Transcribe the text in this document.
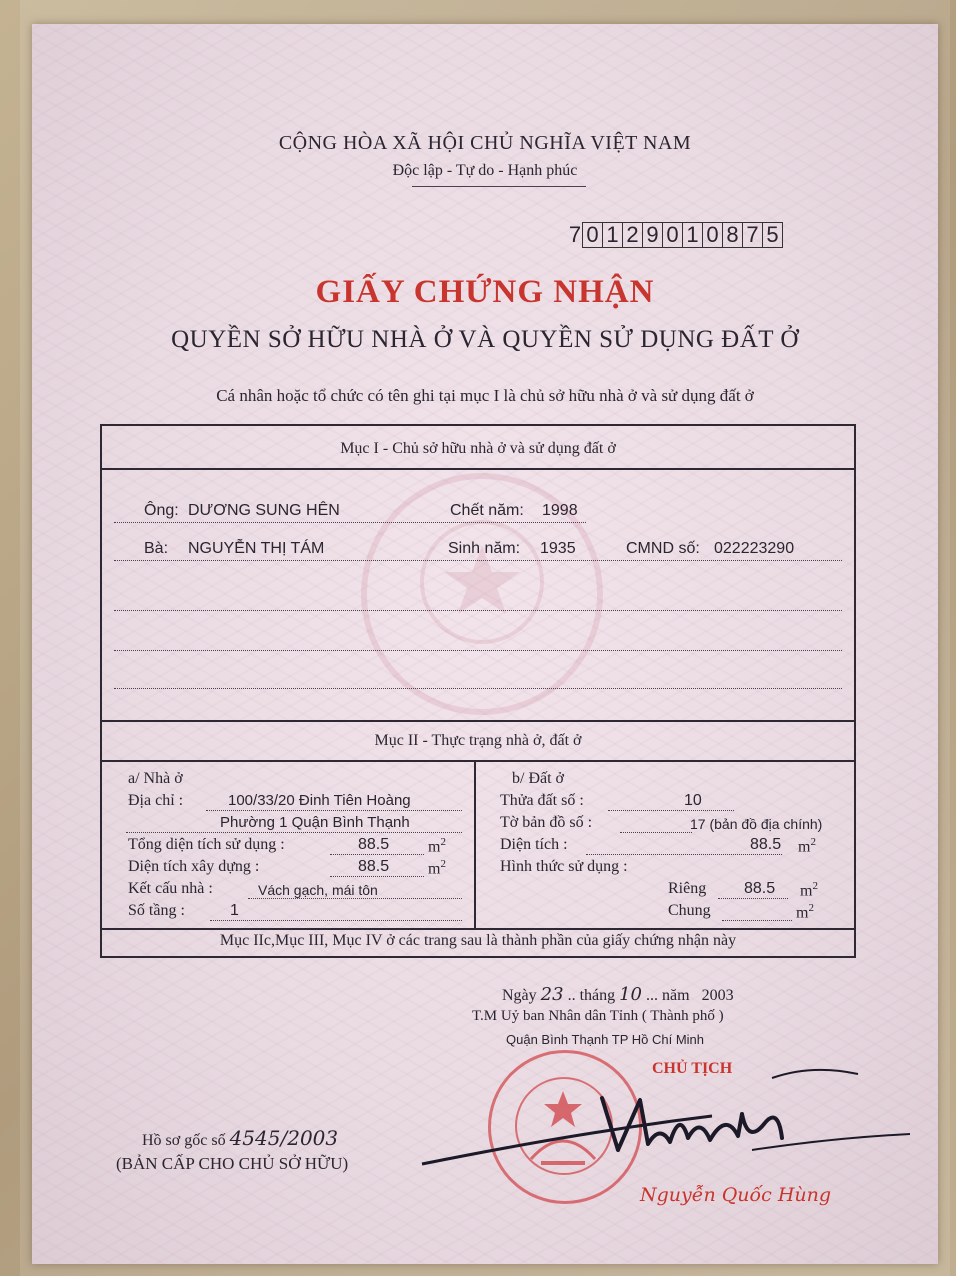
CỘNG HÒA XÃ HỘI CHỦ NGHĨA VIỆT NAM
Độc lập - Tự do - Hạnh phúc
7 0 1 2 9 0 1 0 8 7 5
GIẤY CHỨNG NHẬN
QUYỀN SỞ HỮU NHÀ Ở VÀ QUYỀN SỬ DỤNG ĐẤT Ở
Cá nhân hoặc tổ chức có tên ghi tại mục I là chủ sở hữu nhà ở và sử dụng đất ở
Mục I - Chủ sở hữu nhà ở và sử dụng đất ở
Ông: DƯƠNG SUNG HÊN	Chết năm: 1998
Bà: NGUYỄN THỊ TÁM	Sinh năm: 1935	CMND số: 022223290
Mục II - Thực trạng nhà ở, đất ở
a/ Nhà ở
Địa chỉ :	100/33/20 Đinh Tiên Hoàng
Phường 1 Quận Bình Thạnh
Tổng diện tích sử dụng :	88.5 $m^2$
Diện tích xây dựng :	88.5 $m^2$
Kết cấu nhà :	Vách gạch, mái tôn
Số tầng :	1
b/ Đất ở
Thửa đất số :	10
Tờ bản đồ số :	17 (bản đồ địa chính)
Diện tích :	88.5 $m^2$
Hình thức sử dụng :
Riêng 88.5 $m^2$
Chung	$m^2$
Mục IIc,Mục III, Mục IV ở các trang sau là thành phần của giấy chứng nhận này
Ngày 23 .. tháng 10 ... năm 2003
T.M Uỷ ban Nhân dân Tỉnh ( Thành phố )
Quận Bình Thạnh TP Hồ Chí Minh
CHỦ TỊCH
Nguyễn Quốc Hùng
Hồ sơ gốc số 4545/2003
(BẢN CẤP CHO CHỦ SỞ HỮU)
